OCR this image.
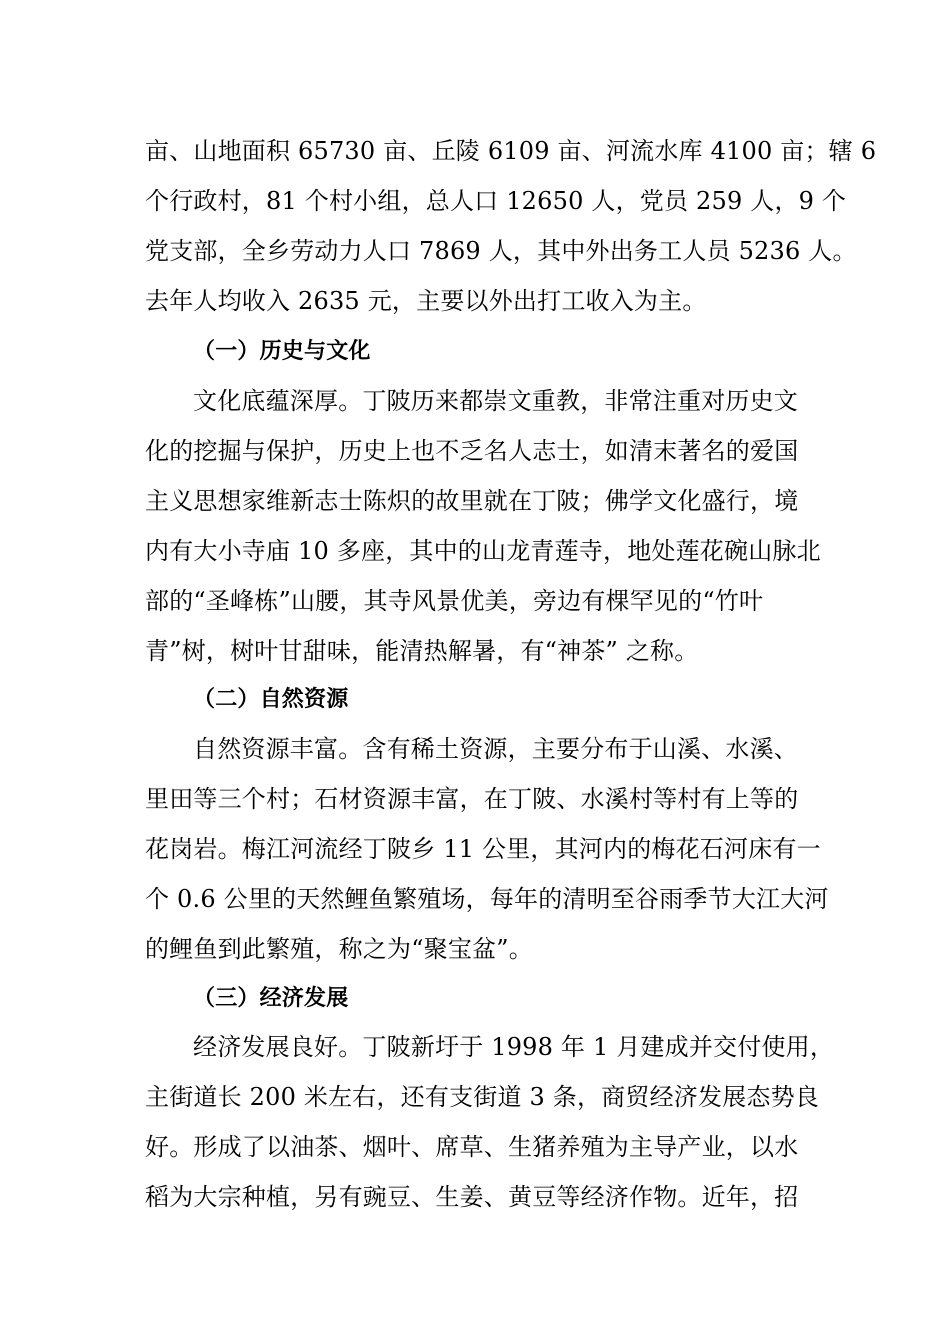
亩、山地面积 65730 亩、丘陵 6109 亩、河流水库 4100 亩；辖 6
个行政村，81 个村小组，总人口 12650 人，党员 259 人，9 个
党支部，全乡劳动力人口 7869 人，其中外出务工人员 5236 人。
去年人均收入 2635 元，主要以外出打工收入为主。
（一）历史与文化
文化底蕴深厚。丁陂历来都崇文重教，非常注重对历史文
化的挖掘与保护，历史上也不乏名人志士，如清末著名的爱国
主义思想家维新志士陈炽的故里就在丁陂；佛学文化盛行，境
内有大小寺庙 10 多座，其中的山龙青莲寺，地处莲花碗山脉北
部的“圣峰栋”山腰，其寺风景优美，旁边有棵罕见的“竹叶
青”树，树叶甘甜味，能清热解暑，有“神茶” 之称。
（二）自然资源
自然资源丰富。含有稀土资源，主要分布于山溪、水溪、
里田等三个村；石材资源丰富，在丁陂、水溪村等村有上等的
花岗岩。梅江河流经丁陂乡 11 公里，其河内的梅花石河床有一
个 0.6 公里的天然鲤鱼繁殖场，每年的清明至谷雨季节大江大河
的鲤鱼到此繁殖，称之为“聚宝盆”。
（三）经济发展
经济发展良好。丁陂新圩于 1998 年 1 月建成并交付使用，
主街道长 200 米左右，还有支街道 3 条，商贸经济发展态势良
好。形成了以油茶、烟叶、席草、生猪养殖为主导产业，以水
稻为大宗种植，另有豌豆、生姜、黄豆等经济作物。近年，招
